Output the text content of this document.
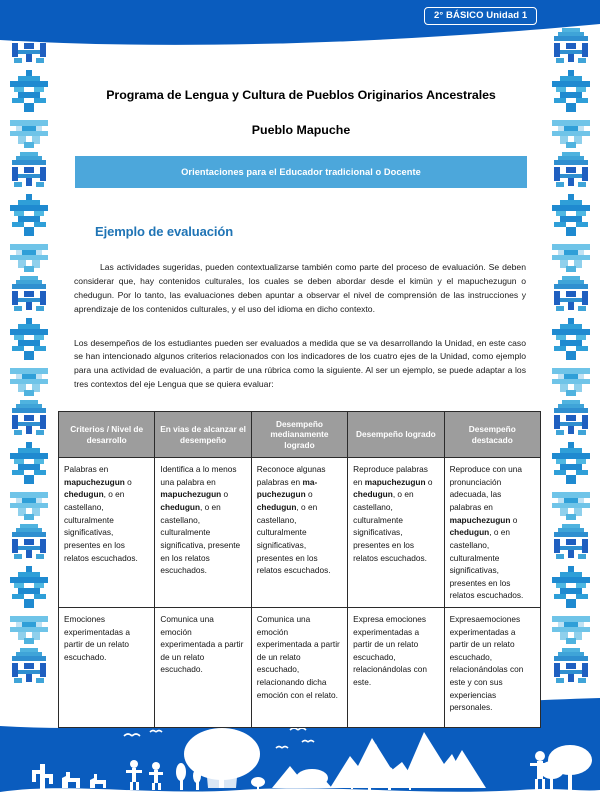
2° BÁSICO Unidad 1
Programa de Lengua y Cultura de Pueblos Originarios Ancestrales
Pueblo Mapuche
Orientaciones para el Educador tradicional o Docente
Ejemplo de evaluación

Las actividades sugeridas, pueden contextualizarse también como parte del proceso de evaluación. Se deben considerar que, hay contenidos culturales, los cuales se deben abordar desde el kimün y el mapuchezugun o chedugun. Por lo tanto, las evaluaciones deben apuntar a observar el nivel de comprensión de las instrucciones y aprendizaje de los contenidos culturales, y el uso del idioma en dicho contexto.

Los desempeños de los estudiantes pueden ser evaluados a medida que se va desarrollando la Unidad, en este caso se han intencionado algunos criterios relacionados con los indicadores de los cuatro ejes de la Unidad, como ejemplo para una actividad de evaluación, a partir de una rúbrica como la siguiente. Al ser un ejemplo, se puede adaptar a los tres contextos del eje Lengua que se quiera evaluar:

Criterios / Nivel de desarrollo	En vias de alcanzar el desempeño	Desempeño medianamente logrado	Desempeño logrado	Desempeño destacado
Palabras en mapuchezugun o chedugun, o en castellano, culturalmente significativas, presentes en los relatos escuchados.	Identifica a lo menos una palabra en mapuchezugun o chedugun, o en castellano, culturalmente significativa, presente en los relatos escuchados.	Reconoce algunas palabras en ma-puchezugun o chedugun, o en castellano, culturalmente significativas, presentes en los relatos escuchados.	Reproduce palabras en mapuchezugun o chedugun, o en castellano, culturalmente significativas, presentes en los relatos escuchados.	Reproduce con una pronunciación adecuada, las palabras en mapuchezugun o chedugun, o en castellano, culturalmente significativas, presentes en los relatos escuchados.
Emociones experimentadas a partir de un relato escuchado.	Comunica una emoción experimentada a partir de un relato escuchado.	Comunica una emoción experimentada a partir de un relato escuchado, relacionando dicha emoción con el relato.	Expresa emociones experimentadas a partir de un relato escuchado, relacionándolas con este.	Expresaemociones experimentadas a partir de un relato escuchado, relacionándolas con este y con sus experiencias personales.
